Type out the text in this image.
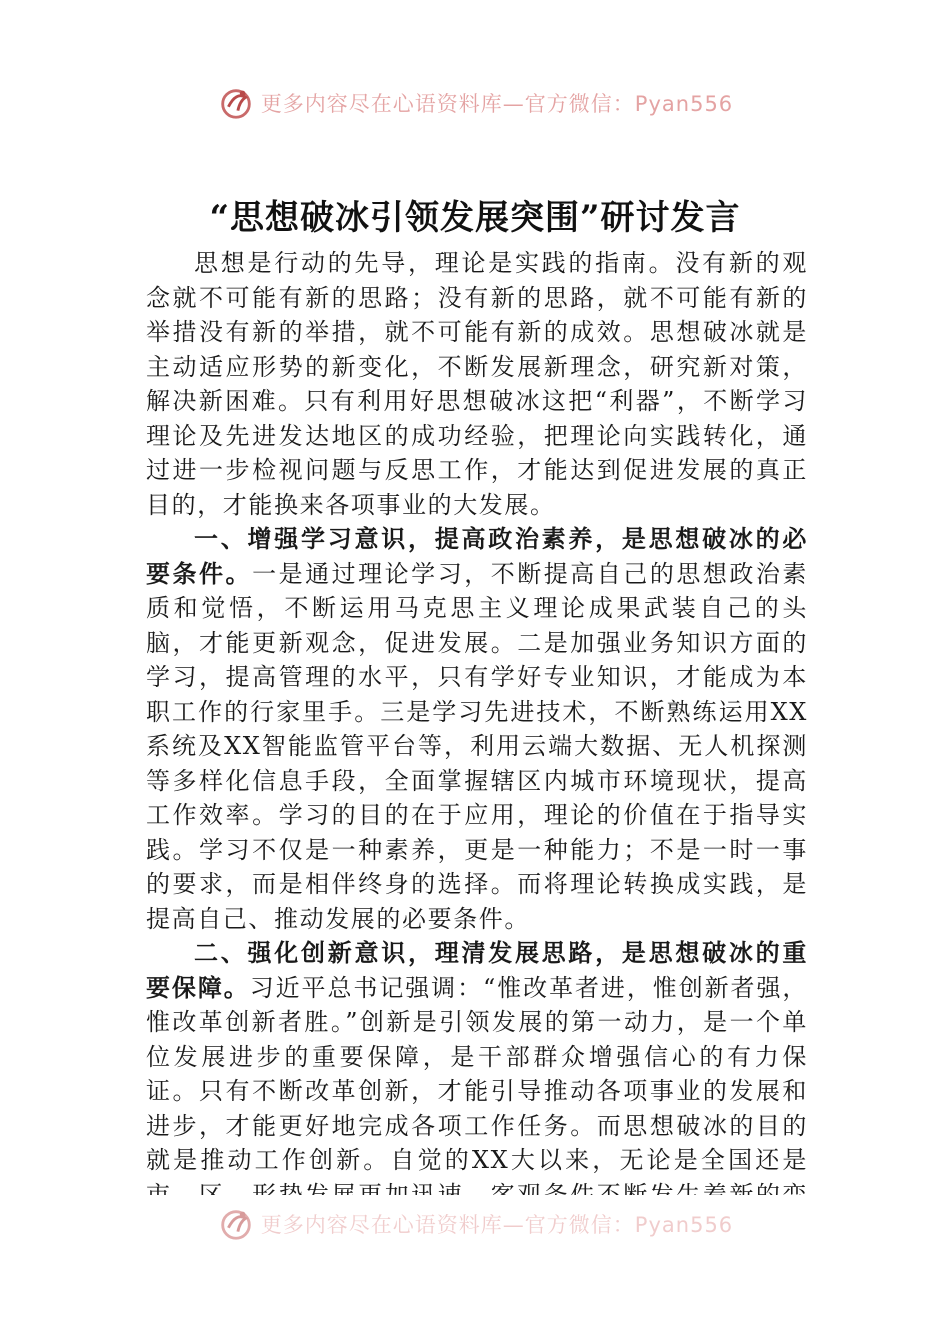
更多内容尽在心语资料库—官方微信：Pyan556
“思想破冰引领发展突围”研讨发言

思想是行动的先导，理论是实践的指南。没有新的观念就不可能有新的思路；没有新的思路，就不可能有新的举措没有新的举措，就不可能有新的成效。思想破冰就是主动适应形势的新变化，不断发展新理念，研究新对策，解决新困难。只有利用好思想破冰这把“利器”，不断学习理论及先进发达地区的成功经验，把理论向实践转化，通过进一步检视问题与反思工作，才能达到促进发展的真正目的，才能换来各项事业的大发展。

一、增强学习意识，提高政治素养，是思想破冰的必要条件。一是通过理论学习，不断提高自己的思想政治素质和觉悟，不断运用马克思主义理论成果武装自己的头脑，才能更新观念，促进发展。二是加强业务知识方面的学习，提高管理的水平，只有学好专业知识，才能成为本职工作的行家里手。三是学习先进技术，不断熟练运用XX系统及XX智能监管平台等，利用云端大数据、无人机探测等多样化信息手段，全面掌握辖区内城市环境现状，提高工作效率。学习的目的在于应用，理论的价值在于指导实践。学习不仅是一种素养，更是一种能力；不是一时一事的要求，而是相伴终身的选择。而将理论转换成实践，是提高自己、推动发展的必要条件。

二、强化创新意识，理清发展思路，是思想破冰的重要保障。习近平总书记强调：“惟改革者进，惟创新者强，惟改革创新者胜。”创新是引领发展的第一动力，是一个单位发展进步的重要保障，是干部群众增强信心的有力保证。只有不断改革创新，才能引导推动各项事业的发展和进步，才能更好地完成各项工作任务。而思想破冰的目的就是推动工作创新。自觉的XX大以来，无论是全国还是

更多内容尽在心语资料库—官方微信：Pyan556
